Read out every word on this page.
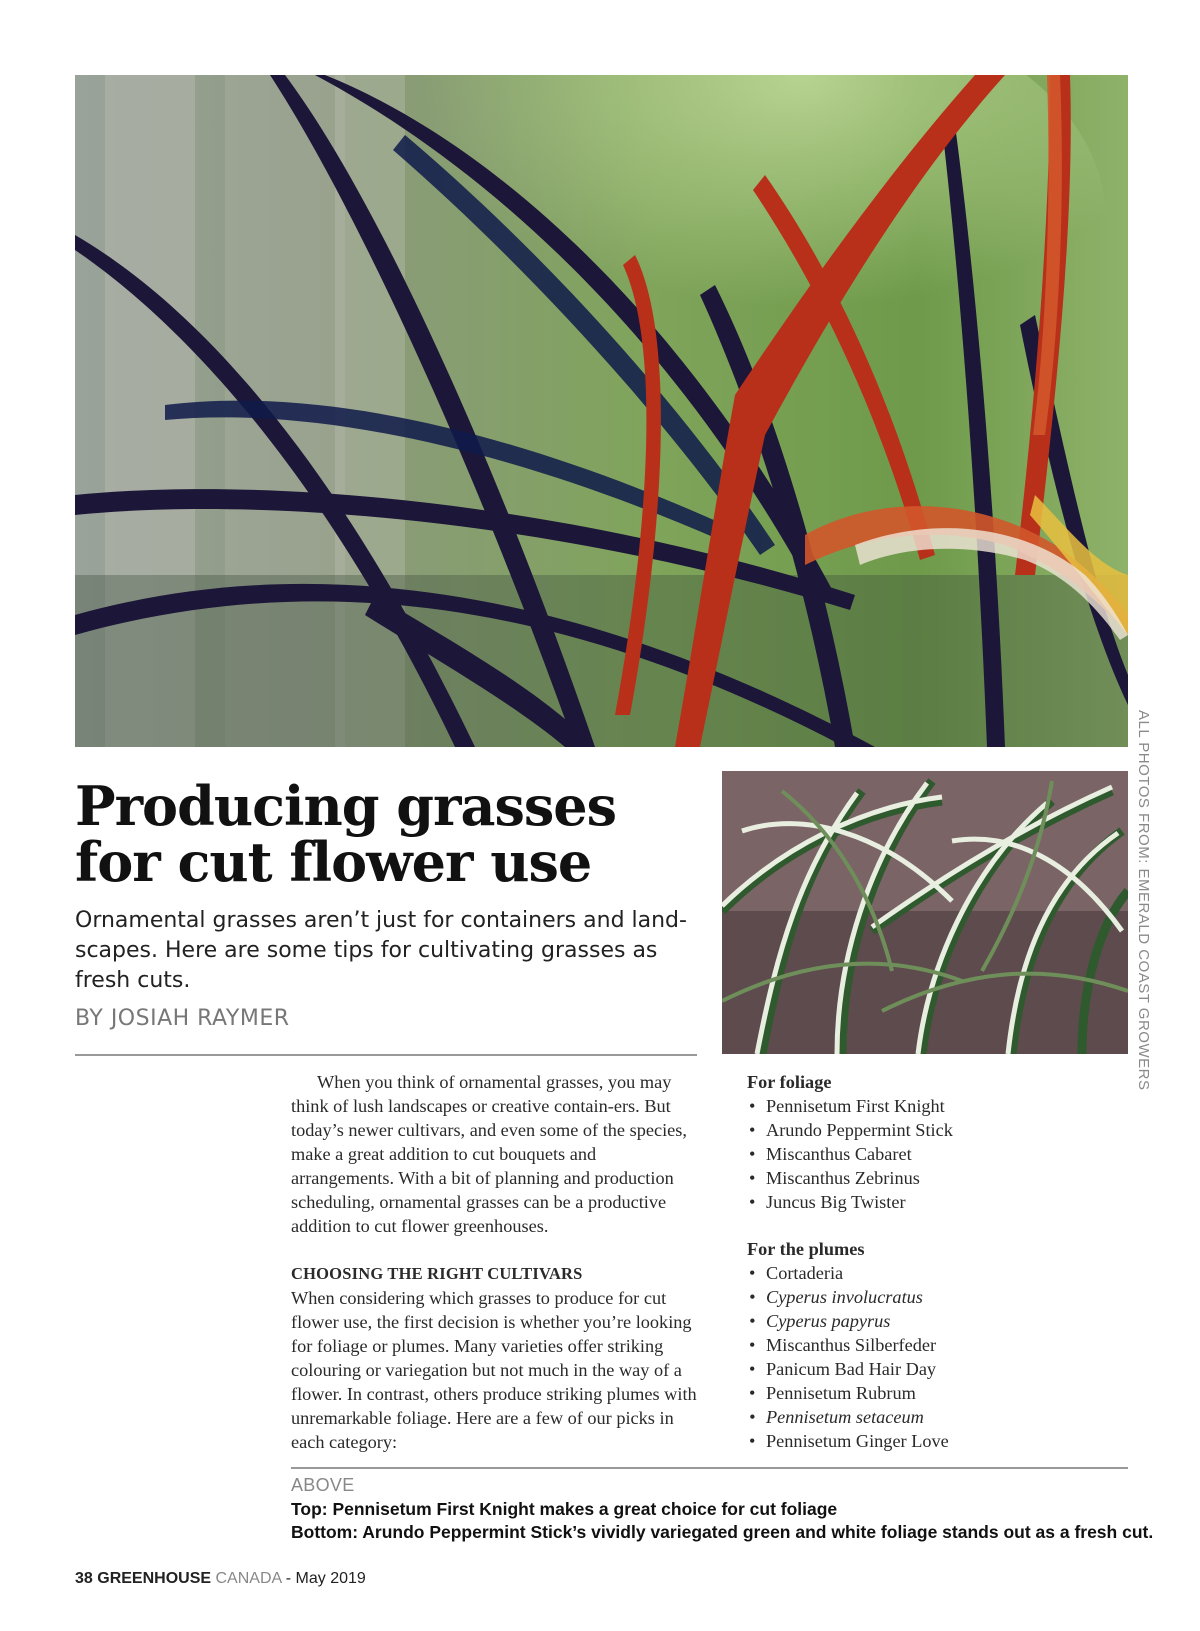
ALL PHOTOS FROM: EMERALD COAST GROWERS
Producing grasses
for cut flower use

Ornamental grasses aren’t just for containers and land-scapes. Here are some tips for cultivating grasses as fresh cuts.

BY JOSIAH RAYMER

When you think of ornamental grasses, you may think of lush landscapes or creative contain-ers. But today’s newer cultivars, and even some of the species, make a great addition to cut bouquets and arrangements. With a bit of planning and production scheduling, ornamental grasses can be a productive addition to cut flower greenhouses.

CHOOSING THE RIGHT CULTIVARS

When considering which grasses to produce for cut flower use, the first decision is whether you’re looking for foliage or plumes. Many varieties offer striking colouring or variegation but not much in the way of a flower. In contrast, others produce striking plumes with unremarkable foliage. Here are a few of our picks in each category:

For foliage

• Pennisetum First Knight
• Arundo Peppermint Stick
• Miscanthus Cabaret
• Miscanthus Zebrinus
• Juncus Big Twister

For the plumes

• Cortaderia
• Cyperus involucratus
• Cyperus papyrus
• Miscanthus Silberfeder
• Panicum Bad Hair Day
• Pennisetum Rubrum
• Pennisetum setaceum
• Pennisetum Ginger Love
ABOVE
Top: Pennisetum First Knight makes a great choice for cut foliage
Bottom: Arundo Peppermint Stick’s vividly variegated green and white foliage stands out as a fresh cut.
38 GREENHOUSE CANADA - May 2019
